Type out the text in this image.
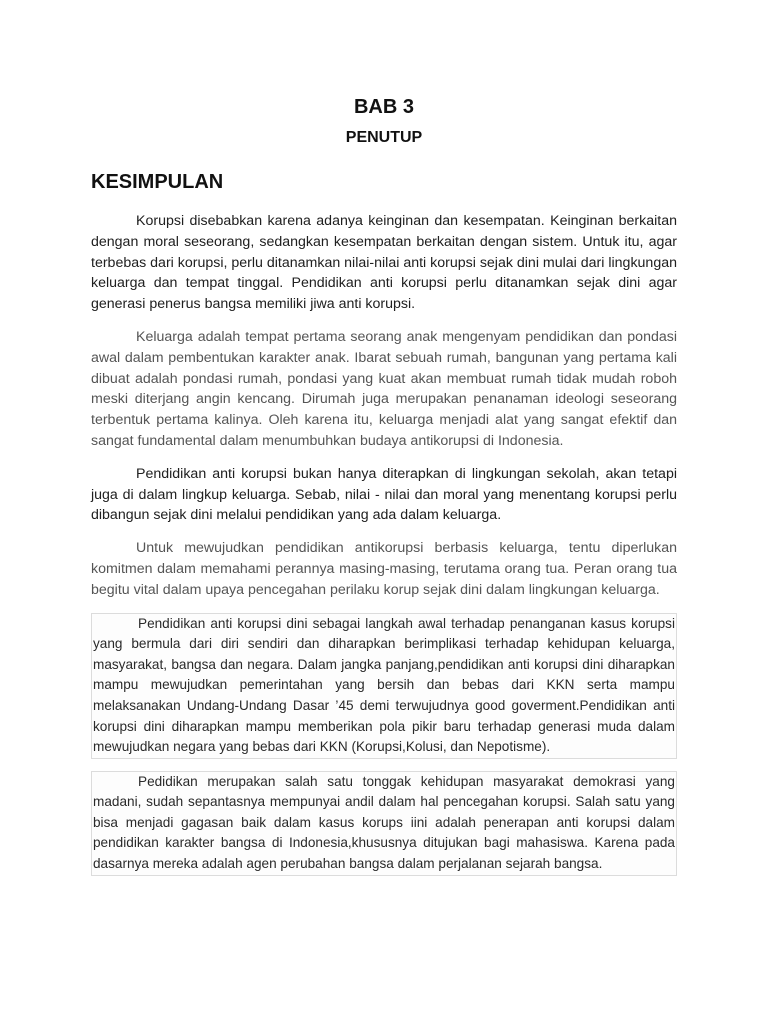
BAB 3
PENUTUP
KESIMPULAN

Korupsi disebabkan karena adanya keinginan dan kesempatan. Keinginan berkaitan dengan moral seseorang, sedangkan kesempatan berkaitan dengan sistem. Untuk itu, agar terbebas dari korupsi, perlu ditanamkan nilai-nilai anti korupsi sejak dini mulai dari lingkungan keluarga dan tempat tinggal. Pendidikan anti korupsi perlu ditanamkan sejak dini agar generasi penerus bangsa memiliki jiwa anti korupsi.

Keluarga adalah tempat pertama seorang anak mengenyam pendidikan dan pondasi awal dalam pembentukan karakter anak. Ibarat sebuah rumah, bangunan yang pertama kali dibuat adalah pondasi rumah, pondasi yang kuat akan membuat rumah tidak mudah roboh meski diterjang angin kencang. Dirumah juga merupakan penanaman ideologi seseorang terbentuk pertama kalinya. Oleh karena itu, keluarga menjadi alat yang sangat efektif dan sangat fundamental dalam menumbuhkan budaya antikorupsi di Indonesia.

Pendidikan anti korupsi bukan hanya diterapkan di lingkungan sekolah, akan tetapi juga di dalam lingkup keluarga. Sebab, nilai - nilai dan moral yang menentang korupsi perlu dibangun sejak dini melalui pendidikan yang ada dalam keluarga.

Untuk mewujudkan pendidikan antikorupsi berbasis keluarga, tentu diperlukan komitmen dalam memahami perannya masing-masing, terutama orang tua. Peran orang tua begitu vital dalam upaya pencegahan perilaku korup sejak dini dalam lingkungan keluarga.

Pendidikan anti korupsi dini sebagai langkah awal terhadap penanganan kasus korupsi yang bermula dari diri sendiri dan diharapkan berimplikasi terhadap kehidupan keluarga, masyarakat, bangsa dan negara. Dalam jangka panjang,pendidikan anti korupsi dini diharapkan mampu mewujudkan pemerintahan yang bersih dan bebas dari KKN serta mampu melaksanakan Undang-Undang Dasar ’45 demi terwujudnya good goverment.Pendidikan anti korupsi dini diharapkan mampu memberikan pola pikir baru terhadap generasi muda dalam mewujudkan negara yang bebas dari KKN (Korupsi,Kolusi, dan Nepotisme).

Pedidikan merupakan salah satu tonggak kehidupan masyarakat demokrasi yang madani, sudah sepantasnya mempunyai andil dalam hal pencegahan korupsi. Salah satu yang bisa menjadi gagasan baik dalam kasus korups iini adalah penerapan anti korupsi dalam pendidikan karakter bangsa di Indonesia,khususnya ditujukan bagi mahasiswa. Karena pada dasarnya mereka adalah agen perubahan bangsa dalam perjalanan sejarah bangsa.
